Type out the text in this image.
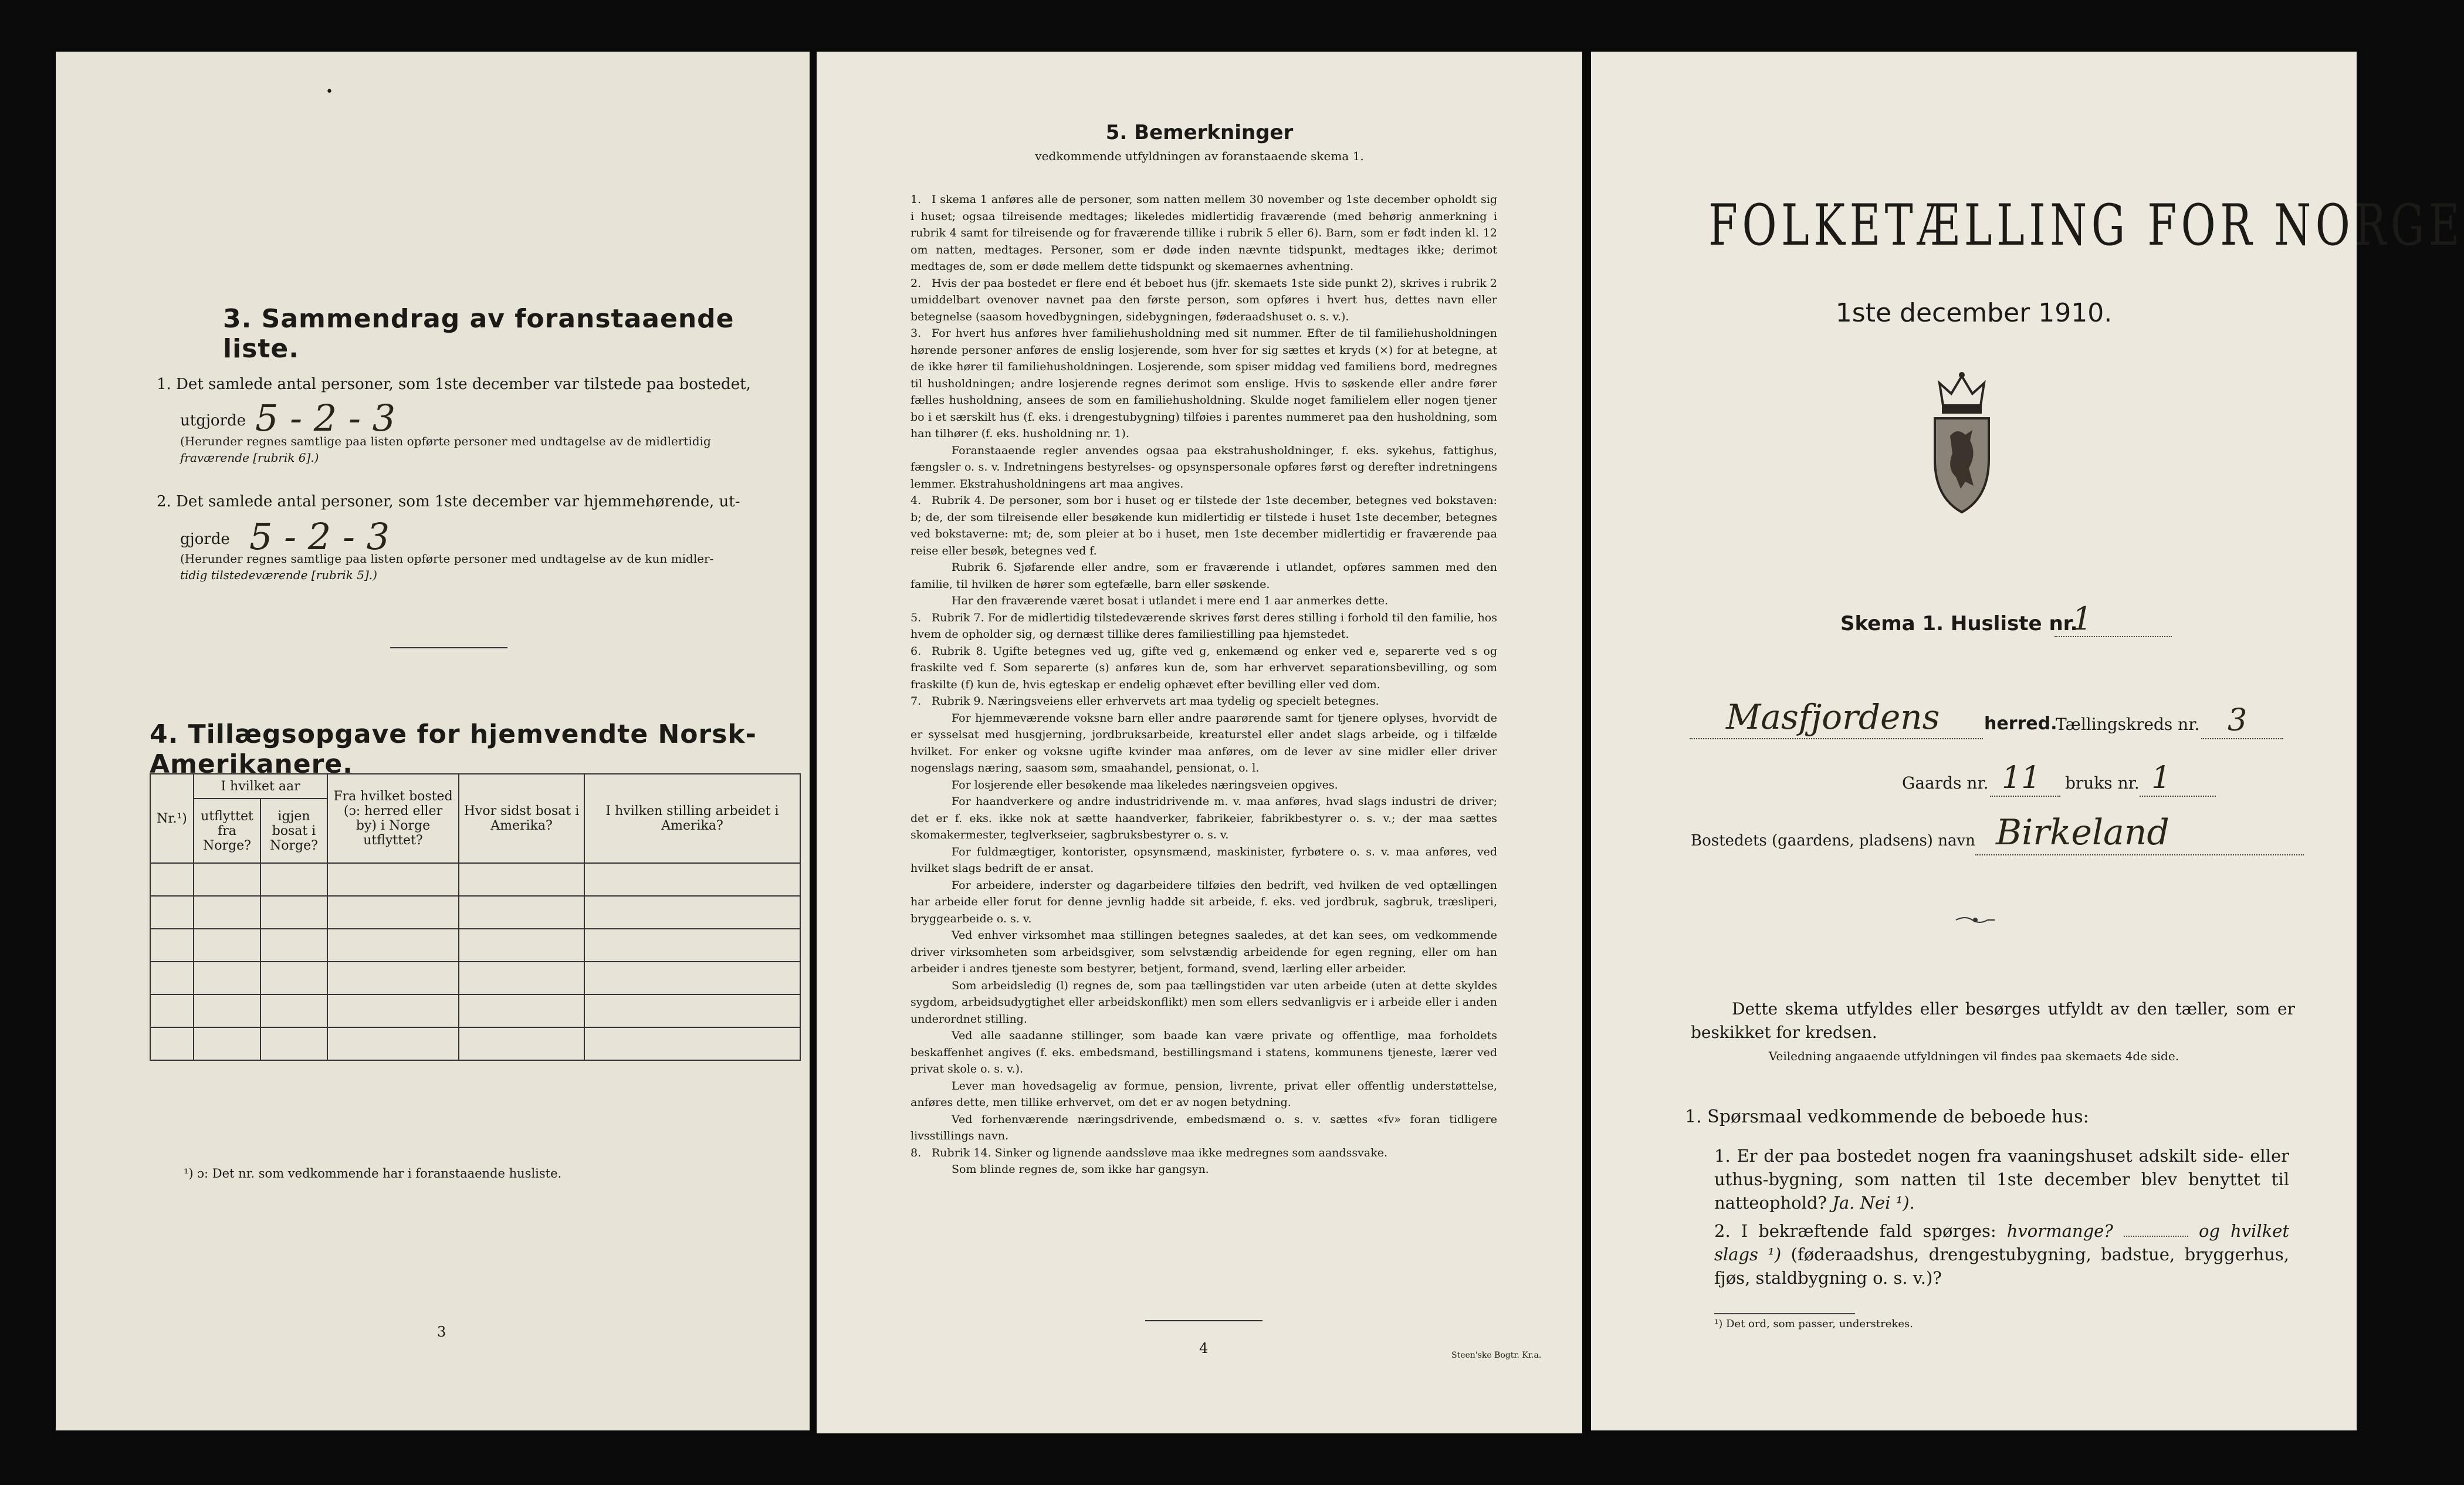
•
3. Sammendrag av foranstaaende liste.
1. Det samlede antal personer, som 1ste december var tilstede paa bostedet,
utgjorde 5 - 2 - 3
(Herunder regnes samtlige paa listen opførte personer med undtagelse av de midlertidig
fraværende [rubrik 6].)
2. Det samlede antal personer, som 1ste december var hjemmehørende, ut-
gjorde 5 - 2 - 3
(Herunder regnes samtlige paa listen opførte personer med undtagelse av de kun midler-
tidig tilstedeværende [rubrik 5].)
4. Tillægsopgave for hjemvendte Norsk-Amerikanere.
Nr.¹)	I hvilket aar		Fra hvilket bosted (ɔ: herred eller by) i Norge utflyttet?	Hvor sidst bosat i Amerika?	I hvilken stilling arbeidet i Amerika?
	utflyttet fra Norge?	igjen bosat i Norge?			

¹) ɔ: Det nr. som vedkommende har i foranstaaende husliste.
3
5. Bemerkninger
vedkommende utfyldningen av foranstaaende skema 1.

1. I skema 1 anføres alle de personer, som natten mellem 30 november og 1ste december opholdt sig i huset; ogsaa tilreisende medtages; likeledes midlertidig fraværende (med behørig anmerkning i rubrik 4 samt for tilreisende og for fraværende tillike i rubrik 5 eller 6). Barn, som er født inden kl. 12 om natten, medtages. Personer, som er døde inden nævnte tidspunkt, medtages ikke; derimot medtages de, som er døde mellem dette tidspunkt og skemaernes avhentning.

2. Hvis der paa bostedet er flere end ét beboet hus (jfr. skemaets 1ste side punkt 2), skrives i rubrik 2 umiddelbart ovenover navnet paa den første person, som opføres i hvert hus, dettes navn eller betegnelse (saasom hovedbygningen, sidebygningen, føderaadshuset o. s. v.).

3. For hvert hus anføres hver familiehusholdning med sit nummer. Efter de til familiehusholdningen hørende personer anføres de enslig losjerende, som hver for sig sættes et kryds (×) for at betegne, at de ikke hører til familiehusholdningen. Losjerende, som spiser middag ved familiens bord, medregnes til husholdningen; andre losjerende regnes derimot som enslige. Hvis to søskende eller andre fører fælles husholdning, ansees de som en familiehusholdning. Skulde noget familielem eller nogen tjener bo i et særskilt hus (f. eks. i drengestubygning) tilføies i parentes nummeret paa den husholdning, som han tilhører (f. eks. husholdning nr. 1).

Foranstaaende regler anvendes ogsaa paa ekstrahusholdninger, f. eks. sykehus, fattighus, fængsler o. s. v. Indretningens bestyrelses- og opsynspersonale opføres først og derefter indretningens lemmer. Ekstrahusholdningens art maa angives.

4. Rubrik 4. De personer, som bor i huset og er tilstede der 1ste december, betegnes ved bokstaven: b; de, der som tilreisende eller besøkende kun midlertidig er tilstede i huset 1ste december, betegnes ved bokstaverne: mt; de, som pleier at bo i huset, men 1ste december midlertidig er fraværende paa reise eller besøk, betegnes ved f.

Rubrik 6. Sjøfarende eller andre, som er fraværende i utlandet, opføres sammen med den familie, til hvilken de hører som egtefælle, barn eller søskende.

Har den fraværende været bosat i utlandet i mere end 1 aar anmerkes dette.

5. Rubrik 7. For de midlertidig tilstedeværende skrives først deres stilling i forhold til den familie, hos hvem de opholder sig, og dernæst tillike deres familiestilling paa hjemstedet.

6. Rubrik 8. Ugifte betegnes ved ug, gifte ved g, enkemænd og enker ved e, separerte ved s og fraskilte ved f. Som separerte (s) anføres kun de, som har erhvervet separationsbevilling, og som fraskilte (f) kun de, hvis egteskap er endelig ophævet efter bevilling eller ved dom.

7. Rubrik 9. Næringsveiens eller erhvervets art maa tydelig og specielt betegnes.

For hjemmeværende voksne barn eller andre paarørende samt for tjenere oplyses, hvorvidt de er sysselsat med husgjerning, jordbruksarbeide, kreaturstel eller andet slags arbeide, og i tilfælde hvilket. For enker og voksne ugifte kvinder maa anføres, om de lever av sine midler eller driver nogenslags næring, saasom søm, smaahandel, pensionat, o. l.

For losjerende eller besøkende maa likeledes næringsveien opgives.

For haandverkere og andre industridrivende m. v. maa anføres, hvad slags industri de driver; det er f. eks. ikke nok at sætte haandverker, fabrikeier, fabrikbestyrer o. s. v.; der maa sættes skomakermester, teglverkseier, sagbruksbestyrer o. s. v.

For fuldmægtiger, kontorister, opsynsmænd, maskinister, fyrbøtere o. s. v. maa anføres, ved hvilket slags bedrift de er ansat.

For arbeidere, inderster og dagarbeidere tilføies den bedrift, ved hvilken de ved optællingen har arbeide eller forut for denne jevnlig hadde sit arbeide, f. eks. ved jordbruk, sagbruk, træsliperi, bryggearbeide o. s. v.

Ved enhver virksomhet maa stillingen betegnes saaledes, at det kan sees, om vedkommende driver virksomheten som arbeidsgiver, som selvstændig arbeidende for egen regning, eller om han arbeider i andres tjeneste som bestyrer, betjent, formand, svend, lærling eller arbeider.

Som arbeidsledig (l) regnes de, som paa tællingstiden var uten arbeide (uten at dette skyldes sygdom, arbeidsudygtighet eller arbeidskonflikt) men som ellers sedvanligvis er i arbeide eller i anden underordnet stilling.

Ved alle saadanne stillinger, som baade kan være private og offentlige, maa forholdets beskaffenhet angives (f. eks. embedsmand, bestillingsmand i statens, kommunens tjeneste, lærer ved privat skole o. s. v.).

Lever man hovedsagelig av formue, pension, livrente, privat eller offentlig understøttelse, anføres dette, men tillike erhvervet, om det er av nogen betydning.

Ved forhenværende næringsdrivende, embedsmænd o. s. v. sættes «fv» foran tidligere livsstillings navn.

8. Rubrik 14. Sinker og lignende aandssløve maa ikke medregnes som aandssvake.

Som blinde regnes de, som ikke har gangsyn.

4	Steen'ske Bogtr. Kr.a.
FOLKETÆLLING FOR NORGE
1ste december 1910.
Skema 1. Husliste nr.
1
Masfjordens	herred.
Tællingskreds nr. 3
Gaards nr. 11 bruks nr. 1
Bostedets (gaardens, pladsens) navn Birkeland
Dette skema utfyldes eller besørges utfyldt av den tæller, som er beskikket for kredsen.
Veiledning angaaende utfyldningen vil findes paa skemaets 4de side.
1. Spørsmaal vedkommende de beboede hus:
1. Er der paa bostedet nogen fra vaaningshuset adskilt side- eller uthus-bygning, som natten til 1ste december blev benyttet til natteophold? Ja. Nei ¹).
2. I bekræftende fald spørges: hvormange?	og hvilket slags ¹) (føderaadshus, drengestubygning, badstue, bryggerhus, fjøs, staldbygning o. s. v.)?
¹) Det ord, som passer, understrekes.
